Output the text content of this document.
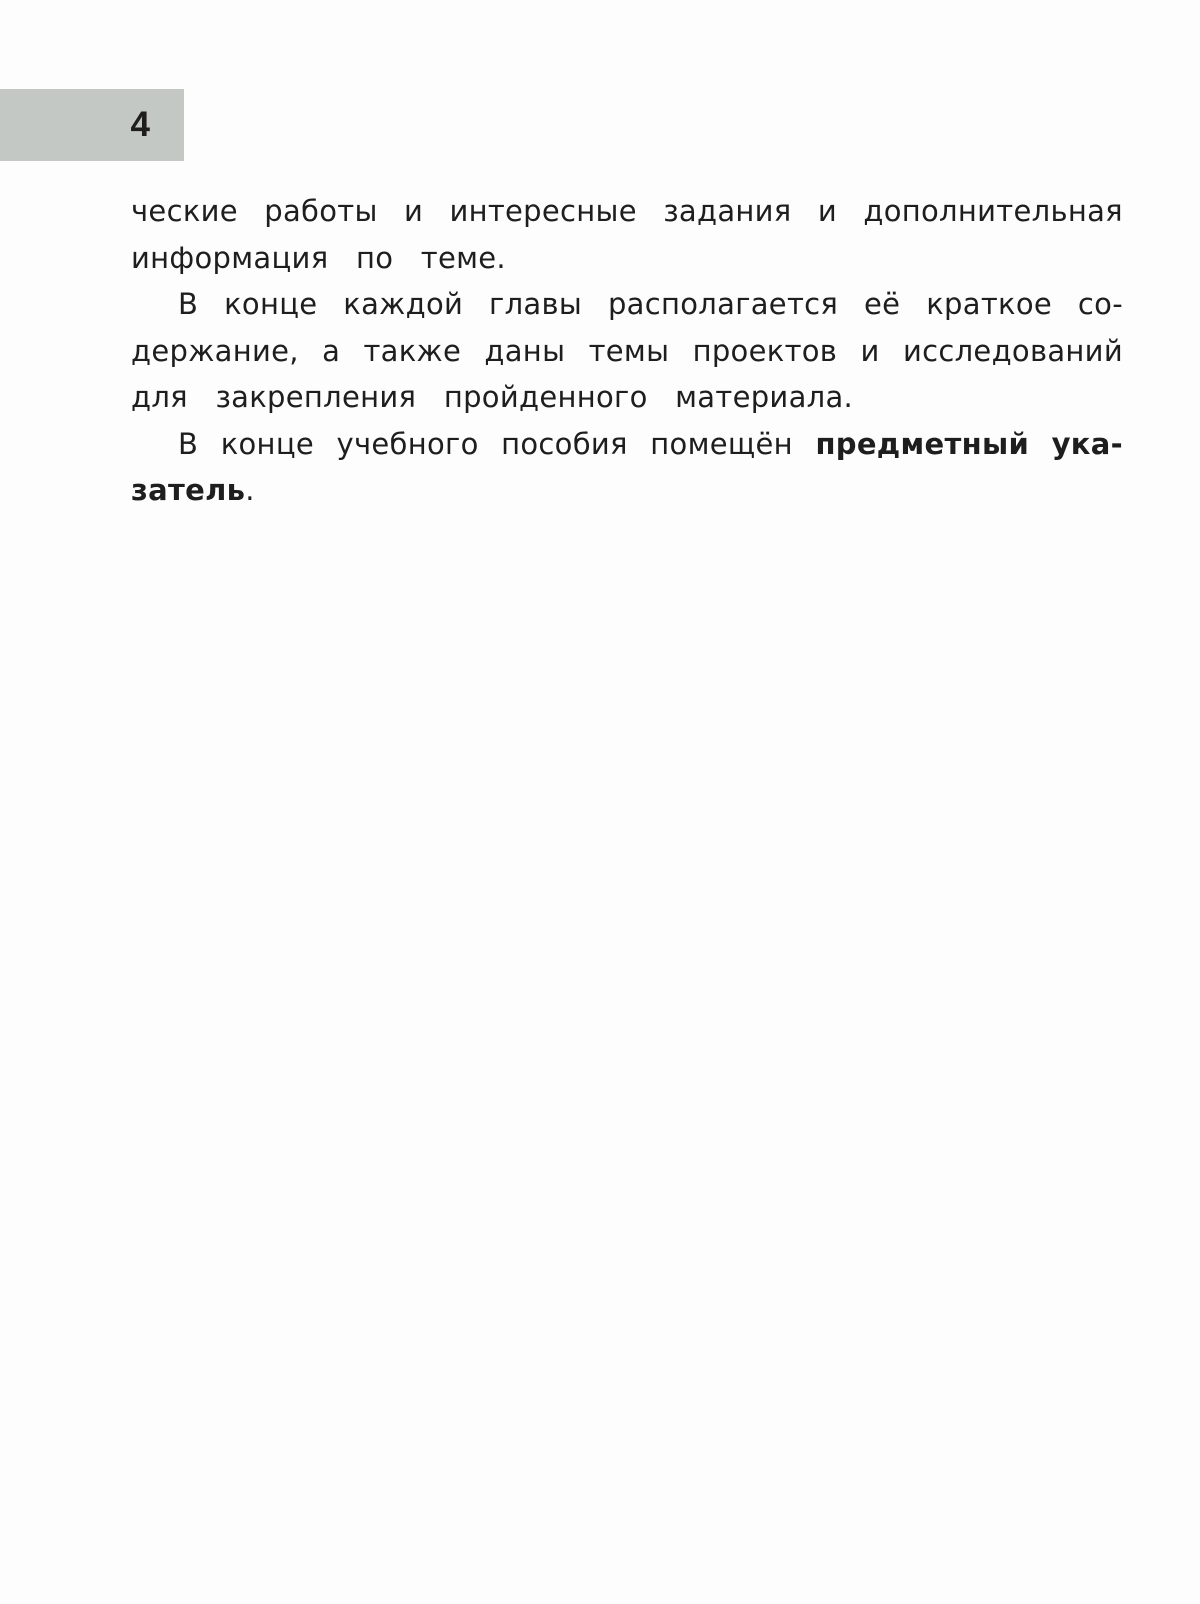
4
ческие работы и интересные задания и дополнительная
информация по теме.
В конце каждой главы располагается её краткое со-
держание, а также даны темы проектов и исследований
для закрепления пройденного материала.
В конце учебного пособия помещён предметный ука-
затель.
